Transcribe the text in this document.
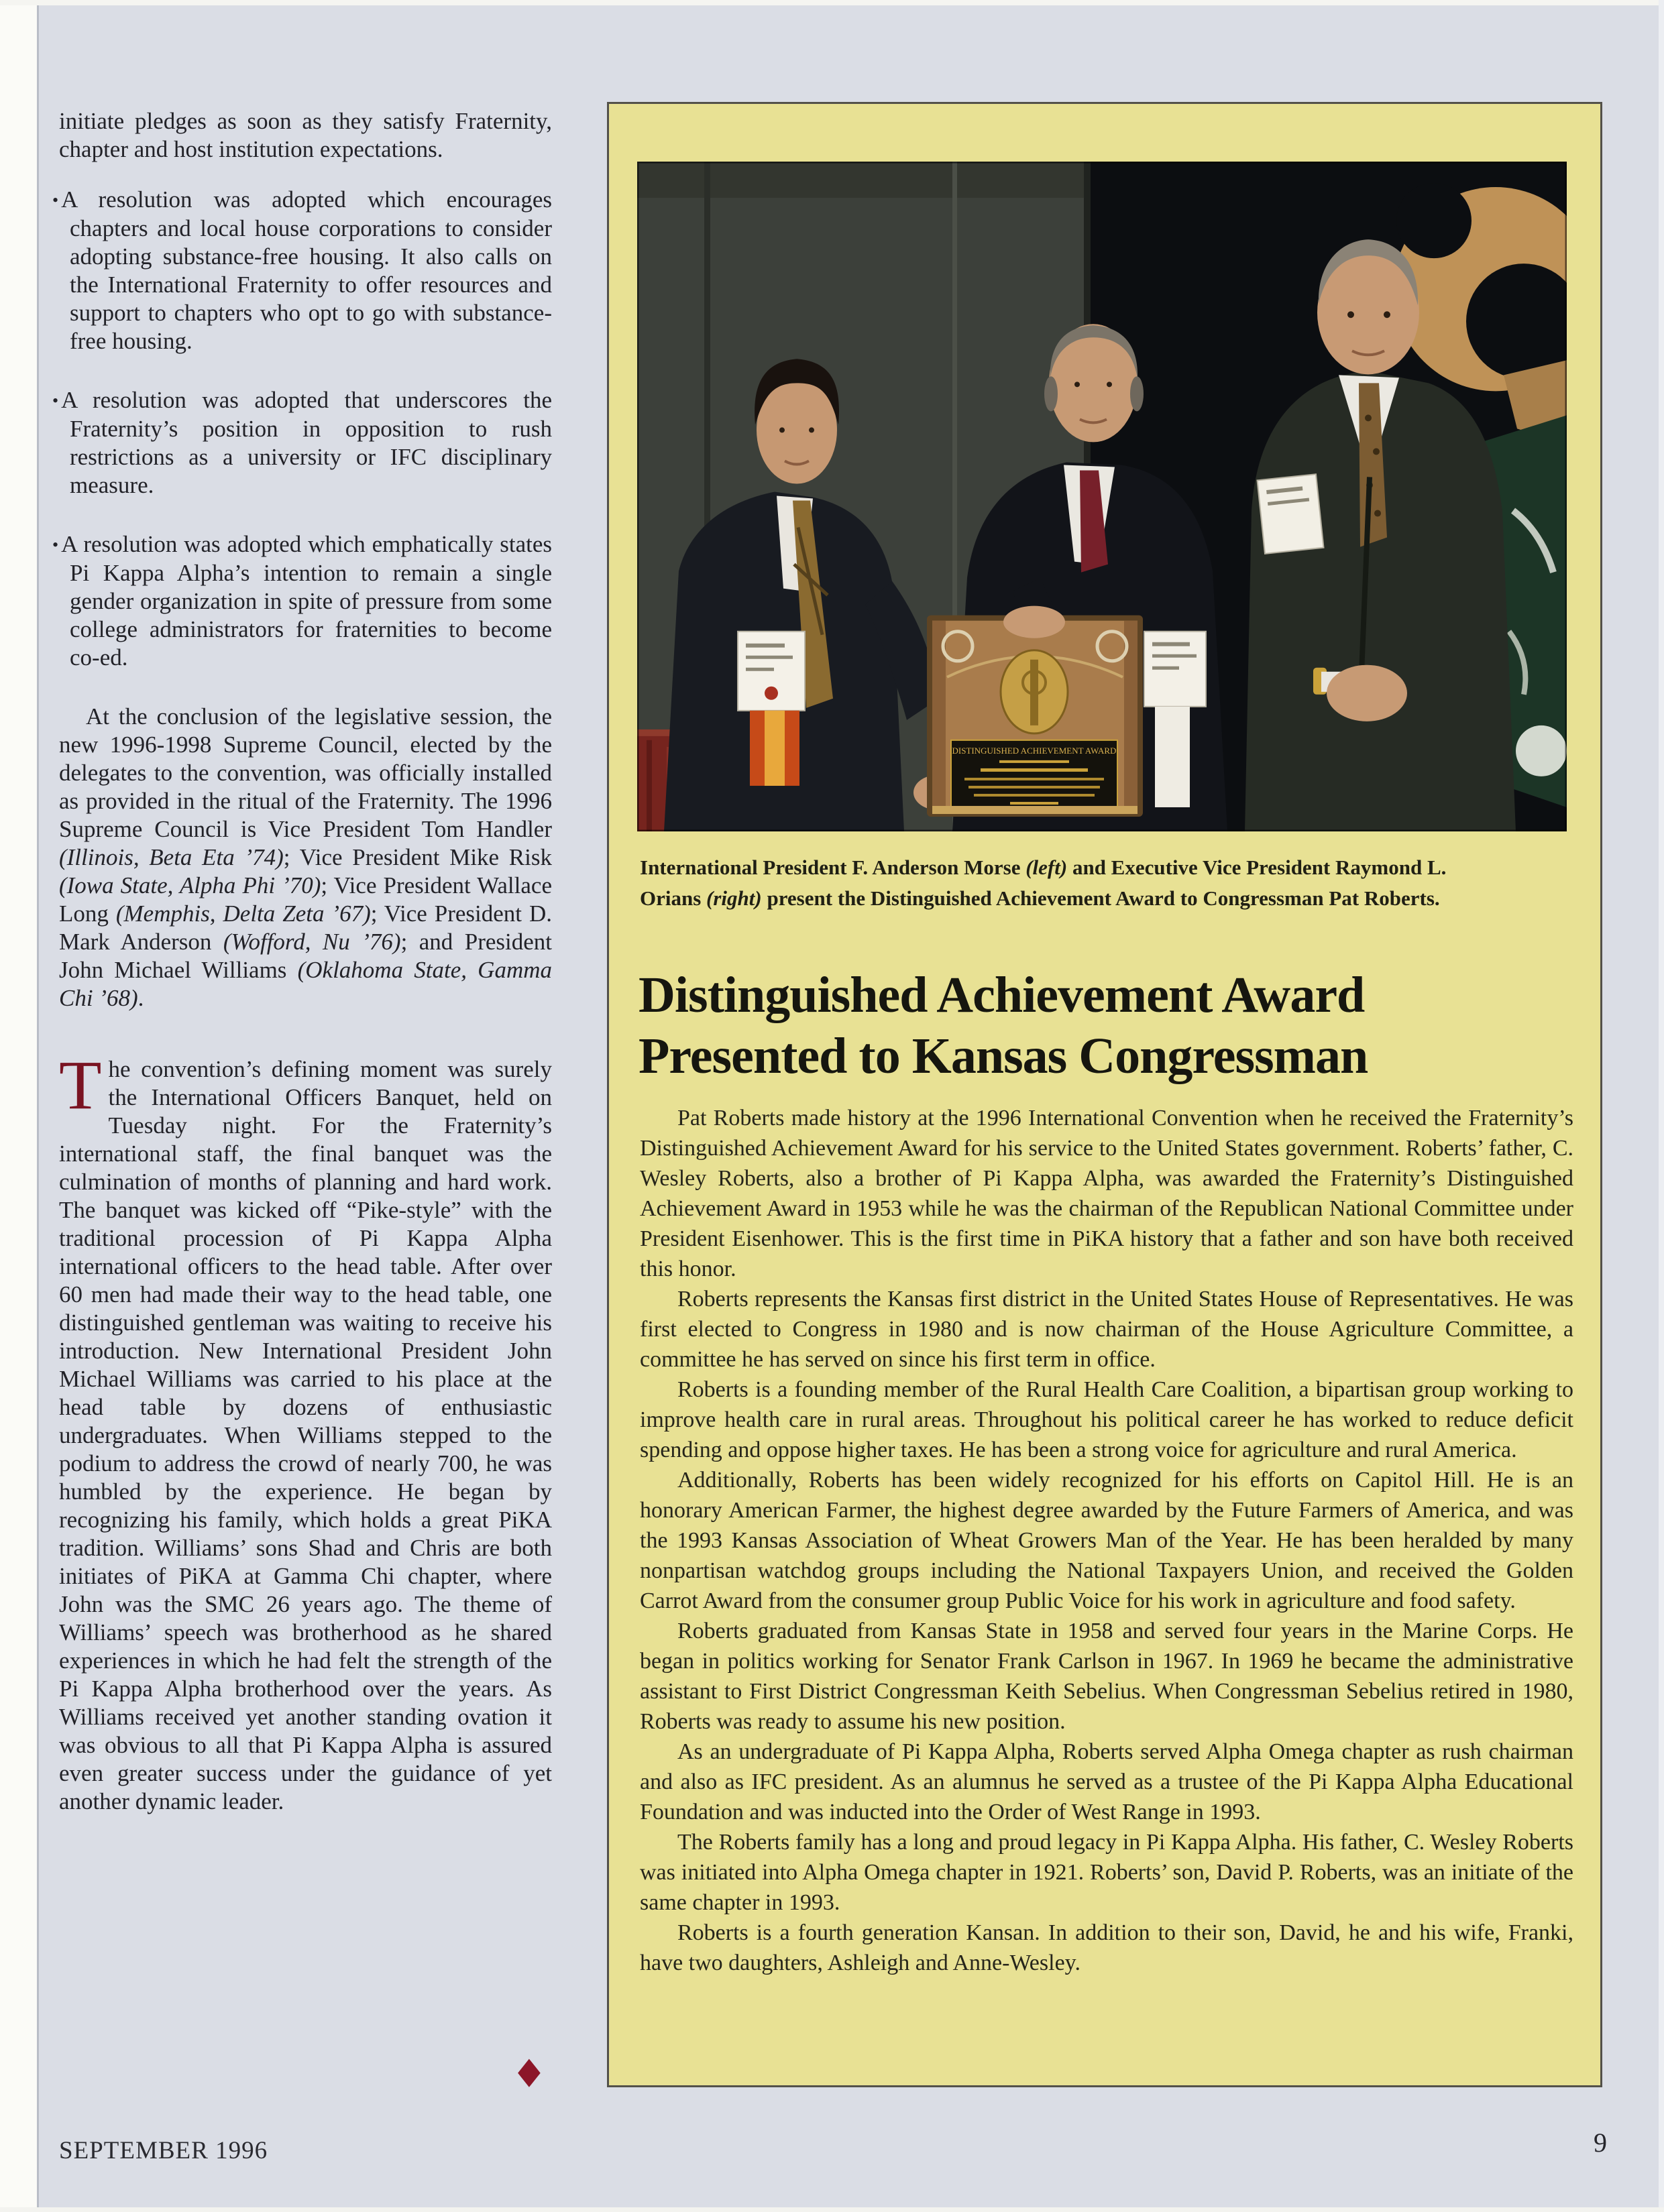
initiate pledges as soon as they satisfy Fraternity, chapter and host institution expectations.

• A resolution was adopted which encourages chapters and local house corporations to consider adopting substance-free housing. It also calls on the International Fraternity to offer resources and support to chapters who opt to go with substance-free housing.

• A resolution was adopted that underscores the Fraternity’s position in opposition to rush restrictions as a university or IFC disciplinary measure.

• A resolution was adopted which emphatically states Pi Kappa Alpha’s intention to remain a single gender organization in spite of pressure from some college administrators for fraternities to become co-ed.

At the conclusion of the legislative session, the new 1996-1998 Supreme Council, elected by the delegates to the convention, was officially installed as provided in the ritual of the Fraternity. The 1996 Supreme Council is Vice President Tom Handler (Illinois, Beta Eta ’74); Vice President Mike Risk (Iowa State, Alpha Phi ’70); Vice President Wallace Long (Memphis, Delta Zeta ’67); Vice President D. Mark Anderson (Wofford, Nu ’76); and President John Michael Williams (Oklahoma State, Gamma Chi ’68).

The convention’s defining moment was surely the International Officers Banquet, held on Tuesday night. For the Fraternity’s international staff, the final banquet was the culmination of months of planning and hard work. The banquet was kicked off “Pike-style” with the traditional procession of Pi Kappa Alpha international officers to the head table. After over 60 men had made their way to the head table, one distinguished gentleman was waiting to receive his introduction. New International President John Michael Williams was carried to his place at the head table by dozens of enthusiastic undergraduates. When Williams stepped to the podium to address the crowd of nearly 700, he was humbled by the experience. He began by recognizing his family, which holds a great PiKA tradition. Williams’ sons Shad and Chris are both initiates of PiKA at Gamma Chi chapter, where John was the SMC 26 years ago. The theme of Williams’ speech was brotherhood as he shared experiences in which he had felt the strength of the Pi Kappa Alpha brotherhood over the years. As Williams received yet another standing ovation it was obvious to all that Pi Kappa Alpha is assured even greater success under the guidance of yet another dynamic leader.

◆
DISTINGUISHED ACHIEVEMENT AWARD

International President F. Anderson Morse (left) and Executive Vice President Raymond L.
Orians (right) present the Distinguished Achievement Award to Congressman Pat Roberts.

Distinguished Achievement Award
Presented to Kansas Congressman

Pat Roberts made history at the 1996 International Convention when he received the Fraternity’s Distinguished Achievement Award for his service to the United States government. Roberts’ father, C. Wesley Roberts, also a brother of Pi Kappa Alpha, was awarded the Fraternity’s Distinguished Achievement Award in 1953 while he was the chairman of the Republican National Committee under President Eisenhower. This is the first time in PiKA history that a father and son have both received this honor.

Roberts represents the Kansas first district in the United States House of Representatives. He was first elected to Congress in 1980 and is now chairman of the House Agriculture Committee, a committee he has served on since his first term in office.

Roberts is a founding member of the Rural Health Care Coalition, a bipartisan group working to improve health care in rural areas. Throughout his political career he has worked to reduce deficit spending and oppose higher taxes. He has been a strong voice for agriculture and rural America.

Additionally, Roberts has been widely recognized for his efforts on Capitol Hill. He is an honorary American Farmer, the highest degree awarded by the Future Farmers of America, and was the 1993 Kansas Association of Wheat Growers Man of the Year. He has been heralded by many nonpartisan watchdog groups including the National Taxpayers Union, and received the Golden Carrot Award from the consumer group Public Voice for his work in agriculture and food safety.

Roberts graduated from Kansas State in 1958 and served four years in the Marine Corps. He began in politics working for Senator Frank Carlson in 1967. In 1969 he became the administrative assistant to First District Congressman Keith Sebelius. When Congressman Sebelius retired in 1980, Roberts was ready to assume his new position.

As an undergraduate of Pi Kappa Alpha, Roberts served Alpha Omega chapter as rush chairman and also as IFC president. As an alumnus he served as a trustee of the Pi Kappa Alpha Educational Foundation and was inducted into the Order of West Range in 1993.

The Roberts family has a long and proud legacy in Pi Kappa Alpha. His father, C. Wesley Roberts was initiated into Alpha Omega chapter in 1921. Roberts’ son, David P. Roberts, was an initiate of the same chapter in 1993.

Roberts is a fourth generation Kansan. In addition to their son, David, he and his wife, Franki, have two daughters, Ashleigh and Anne-Wesley.

SEPTEMBER 1996	9
